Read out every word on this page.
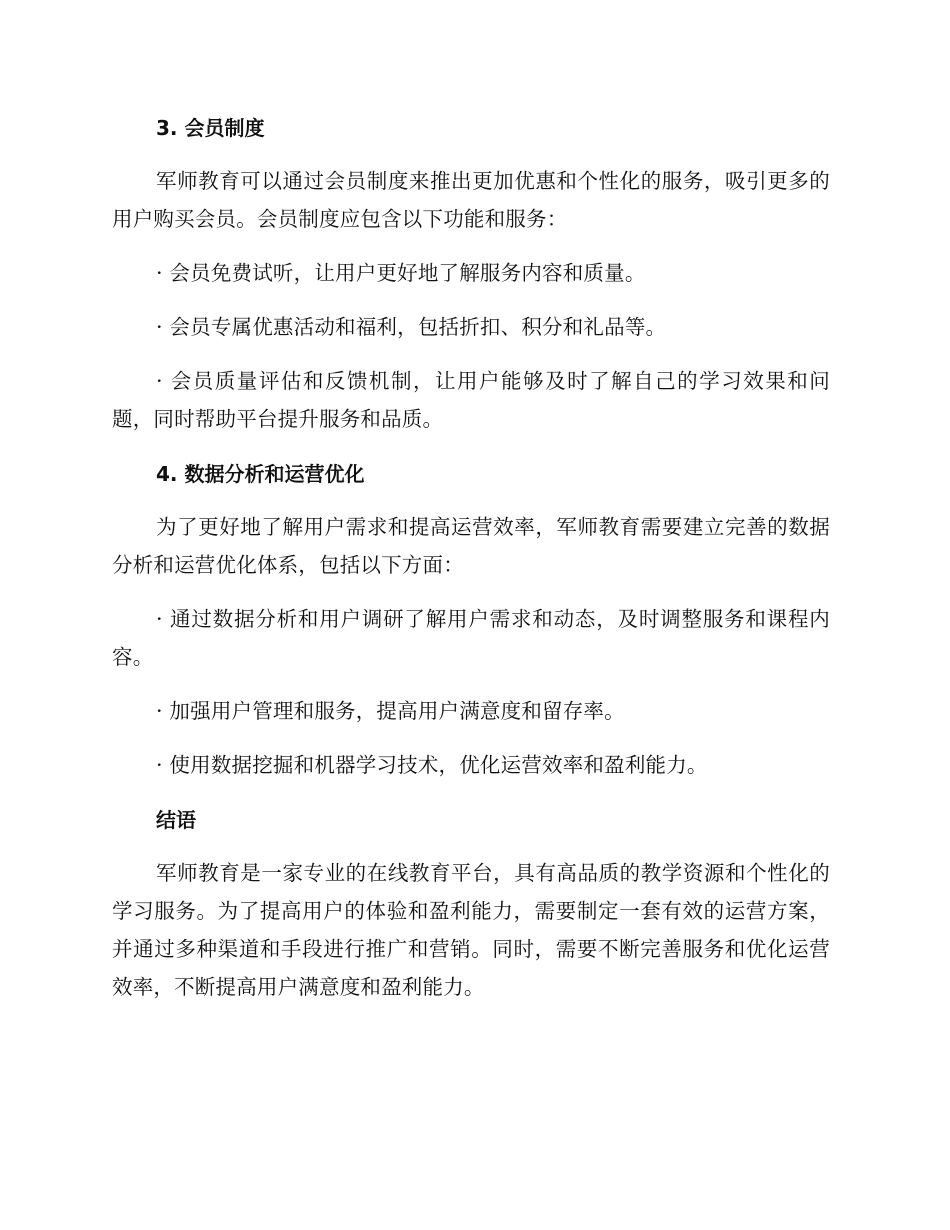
3. 会员制度

军师教育可以通过会员制度来推出更加优惠和个性化的服务，吸引更多的用户购买会员。会员制度应包含以下功能和服务：

· 会员免费试听，让用户更好地了解服务内容和质量。

· 会员专属优惠活动和福利，包括折扣、积分和礼品等。

· 会员质量评估和反馈机制，让用户能够及时了解自己的学习效果和问题，同时帮助平台提升服务和品质。

4. 数据分析和运营优化

为了更好地了解用户需求和提高运营效率，军师教育需要建立完善的数据分析和运营优化体系，包括以下方面：

· 通过数据分析和用户调研了解用户需求和动态，及时调整服务和课程内容。

· 加强用户管理和服务，提高用户满意度和留存率。

· 使用数据挖掘和机器学习技术，优化运营效率和盈利能力。

结语

军师教育是一家专业的在线教育平台，具有高品质的教学资源和个性化的学习服务。为了提高用户的体验和盈利能力，需要制定一套有效的运营方案，并通过多种渠道和手段进行推广和营销。同时，需要不断完善服务和优化运营效率，不断提高用户满意度和盈利能力。
